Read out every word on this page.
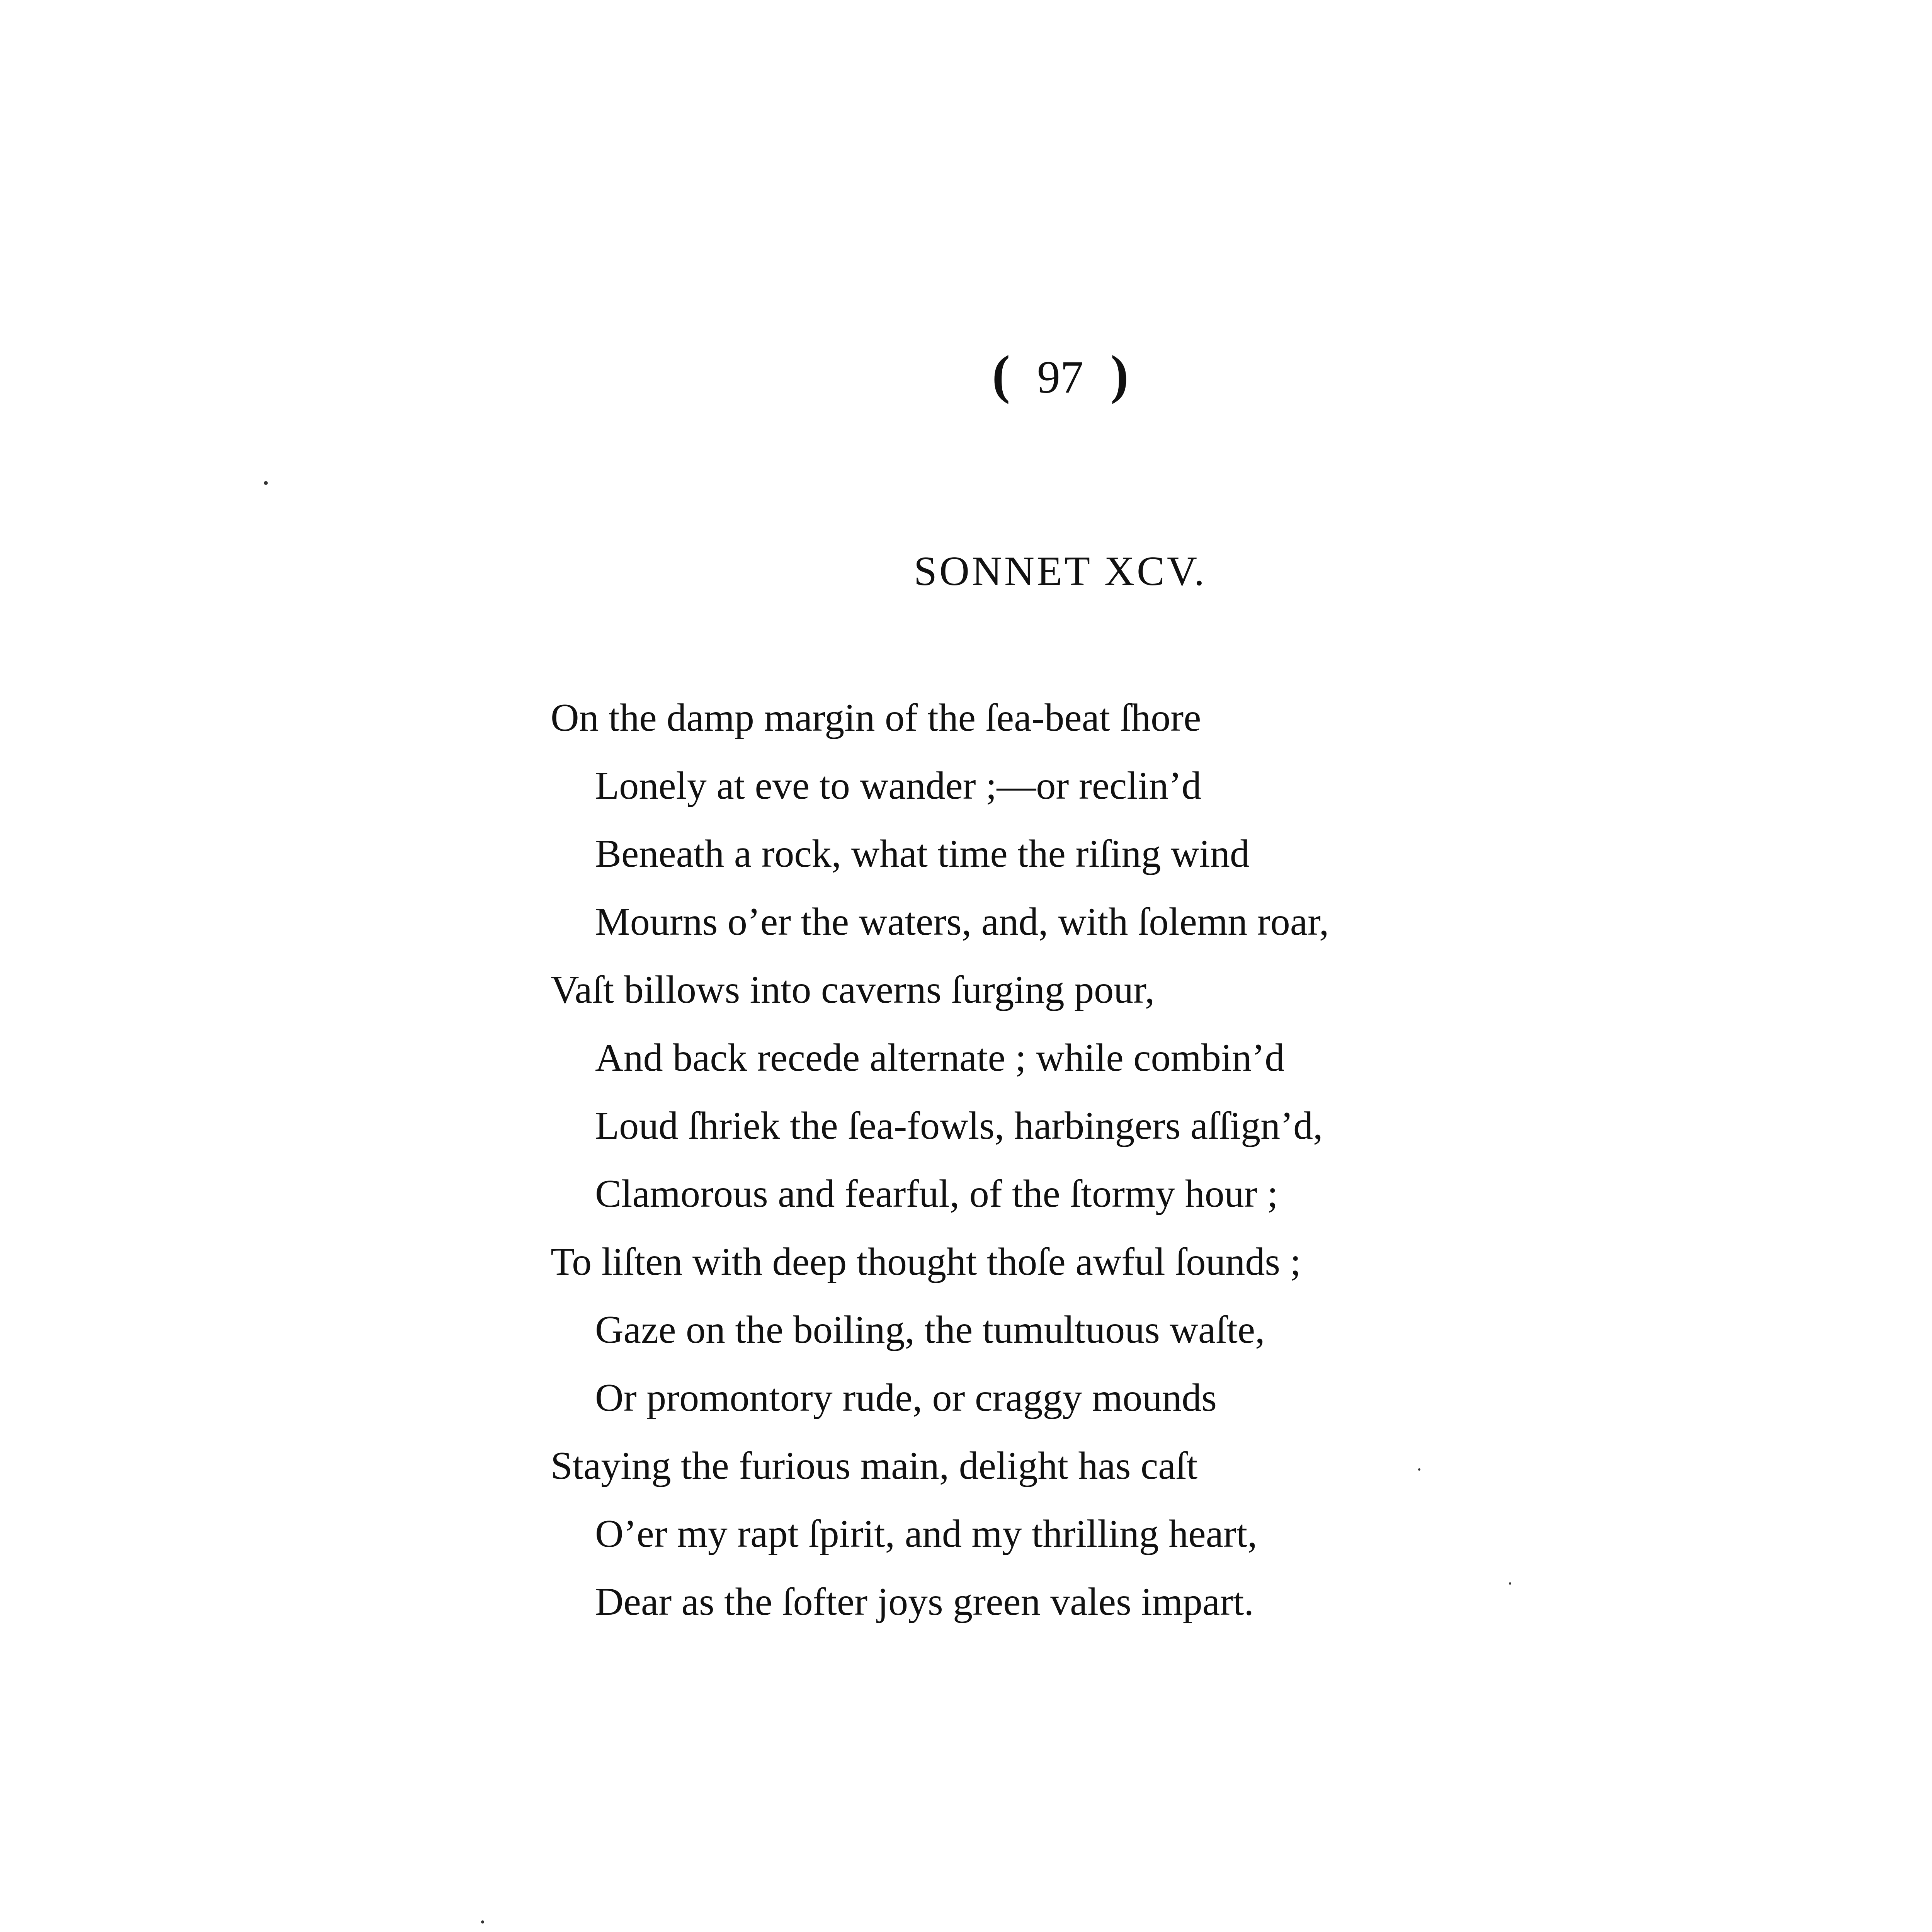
( 97 )
SONNET XCV.
On the damp margin of the ſea-beat ſhore
Lonely at eve to wander ;—or reclin’d
Beneath a rock, what time the riſing wind
Mourns o’er the waters, and, with ſolemn roar,
Vaſt billows into caverns ſurging pour,
And back recede alternate ; while combin’d
Loud ſhriek the ſea-fowls, harbingers aſſign’d,
Clamorous and fearful, of the ſtormy hour ;
To liſten with deep thought thoſe awful ſounds ;
Gaze on the boiling, the tumultuous waſte,
Or promontory rude, or craggy mounds
Staying the furious main, delight has caſt
O’er my rapt ſpirit, and my thrilling heart,
Dear as the ſofter joys green vales impart.
